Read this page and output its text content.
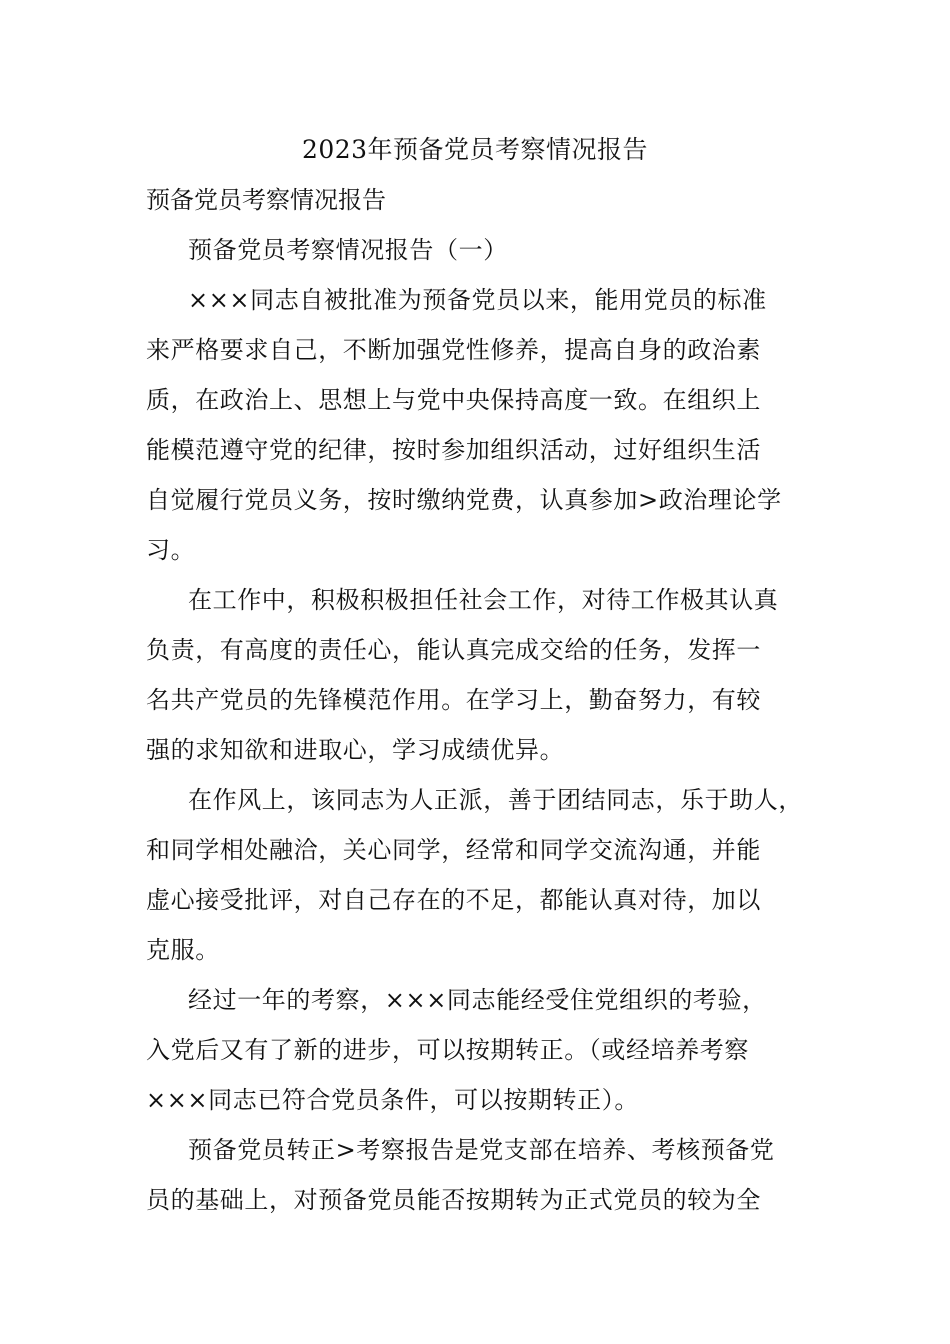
2023年预备党员考察情况报告
预备党员考察情况报告
预备党员考察情况报告（一）
×××同志自被批准为预备党员以来，能用党员的标准
来严格要求自己，不断加强党性修养，提高自身的政治素
质，在政治上、思想上与党中央保持高度一致。在组织上
能模范遵守党的纪律，按时参加组织活动，过好组织生活
自觉履行党员义务，按时缴纳党费，认真参加>政治理论学
习。
在工作中，积极积极担任社会工作，对待工作极其认真
负责，有高度的责任心，能认真完成交给的任务，发挥一
名共产党员的先锋模范作用。在学习上，勤奋努力，有较
强的求知欲和进取心，学习成绩优异。
在作风上，该同志为人正派，善于团结同志，乐于助人，
和同学相处融洽，关心同学，经常和同学交流沟通，并能
虚心接受批评，对自己存在的不足，都能认真对待，加以
克服。
经过一年的考察，×××同志能经受住党组织的考验，
入党后又有了新的进步，可以按期转正。（或经培养考察
×××同志已符合党员条件，可以按期转正）。
预备党员转正>考察报告是党支部在培养、考核预备党
员的基础上，对预备党员能否按期转为正式党员的较为全
